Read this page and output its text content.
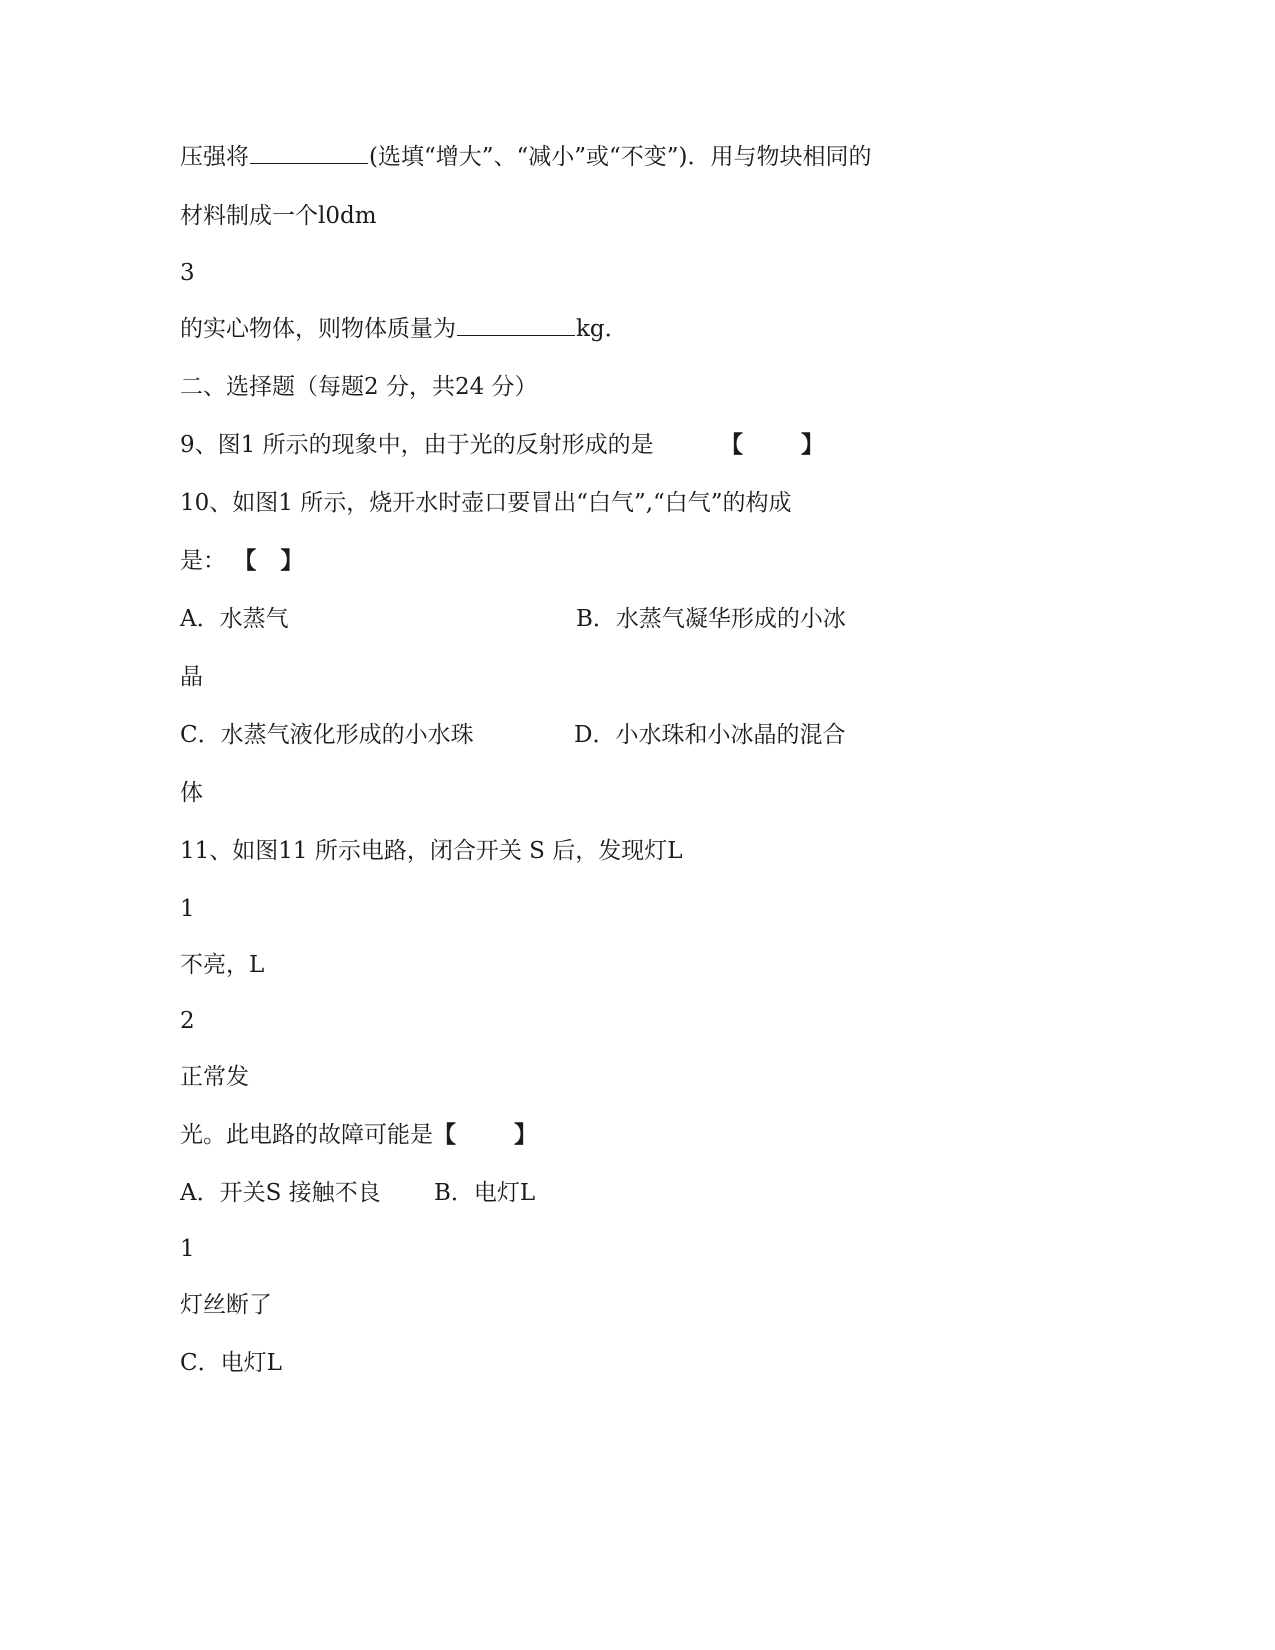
压强将	(选填“增大”、“减小”或“不变”)．用与物块相同的
材料制成一个l0dm
3
的实心物体，则物体质量为	kg．
二、选择题（每题2 分，共24 分）
9、图1 所示的现象中，由于光的反射形成的是	【	】
10、如图1 所示，烧开水时壶口要冒出“白气”,“白气”的构成
是： 【 】
A．水蒸气	B．水蒸气凝华形成的小冰
晶
C．水蒸气液化形成的小水珠	D．小水珠和小冰晶的混合
体
11、如图11 所示电路，闭合开关 S 后，发现灯L
1
不亮，L
2
正常发
光。此电路的故障可能是【	】
A．开关S 接触不良 B．电灯L
1
灯丝断了
C．电灯L
